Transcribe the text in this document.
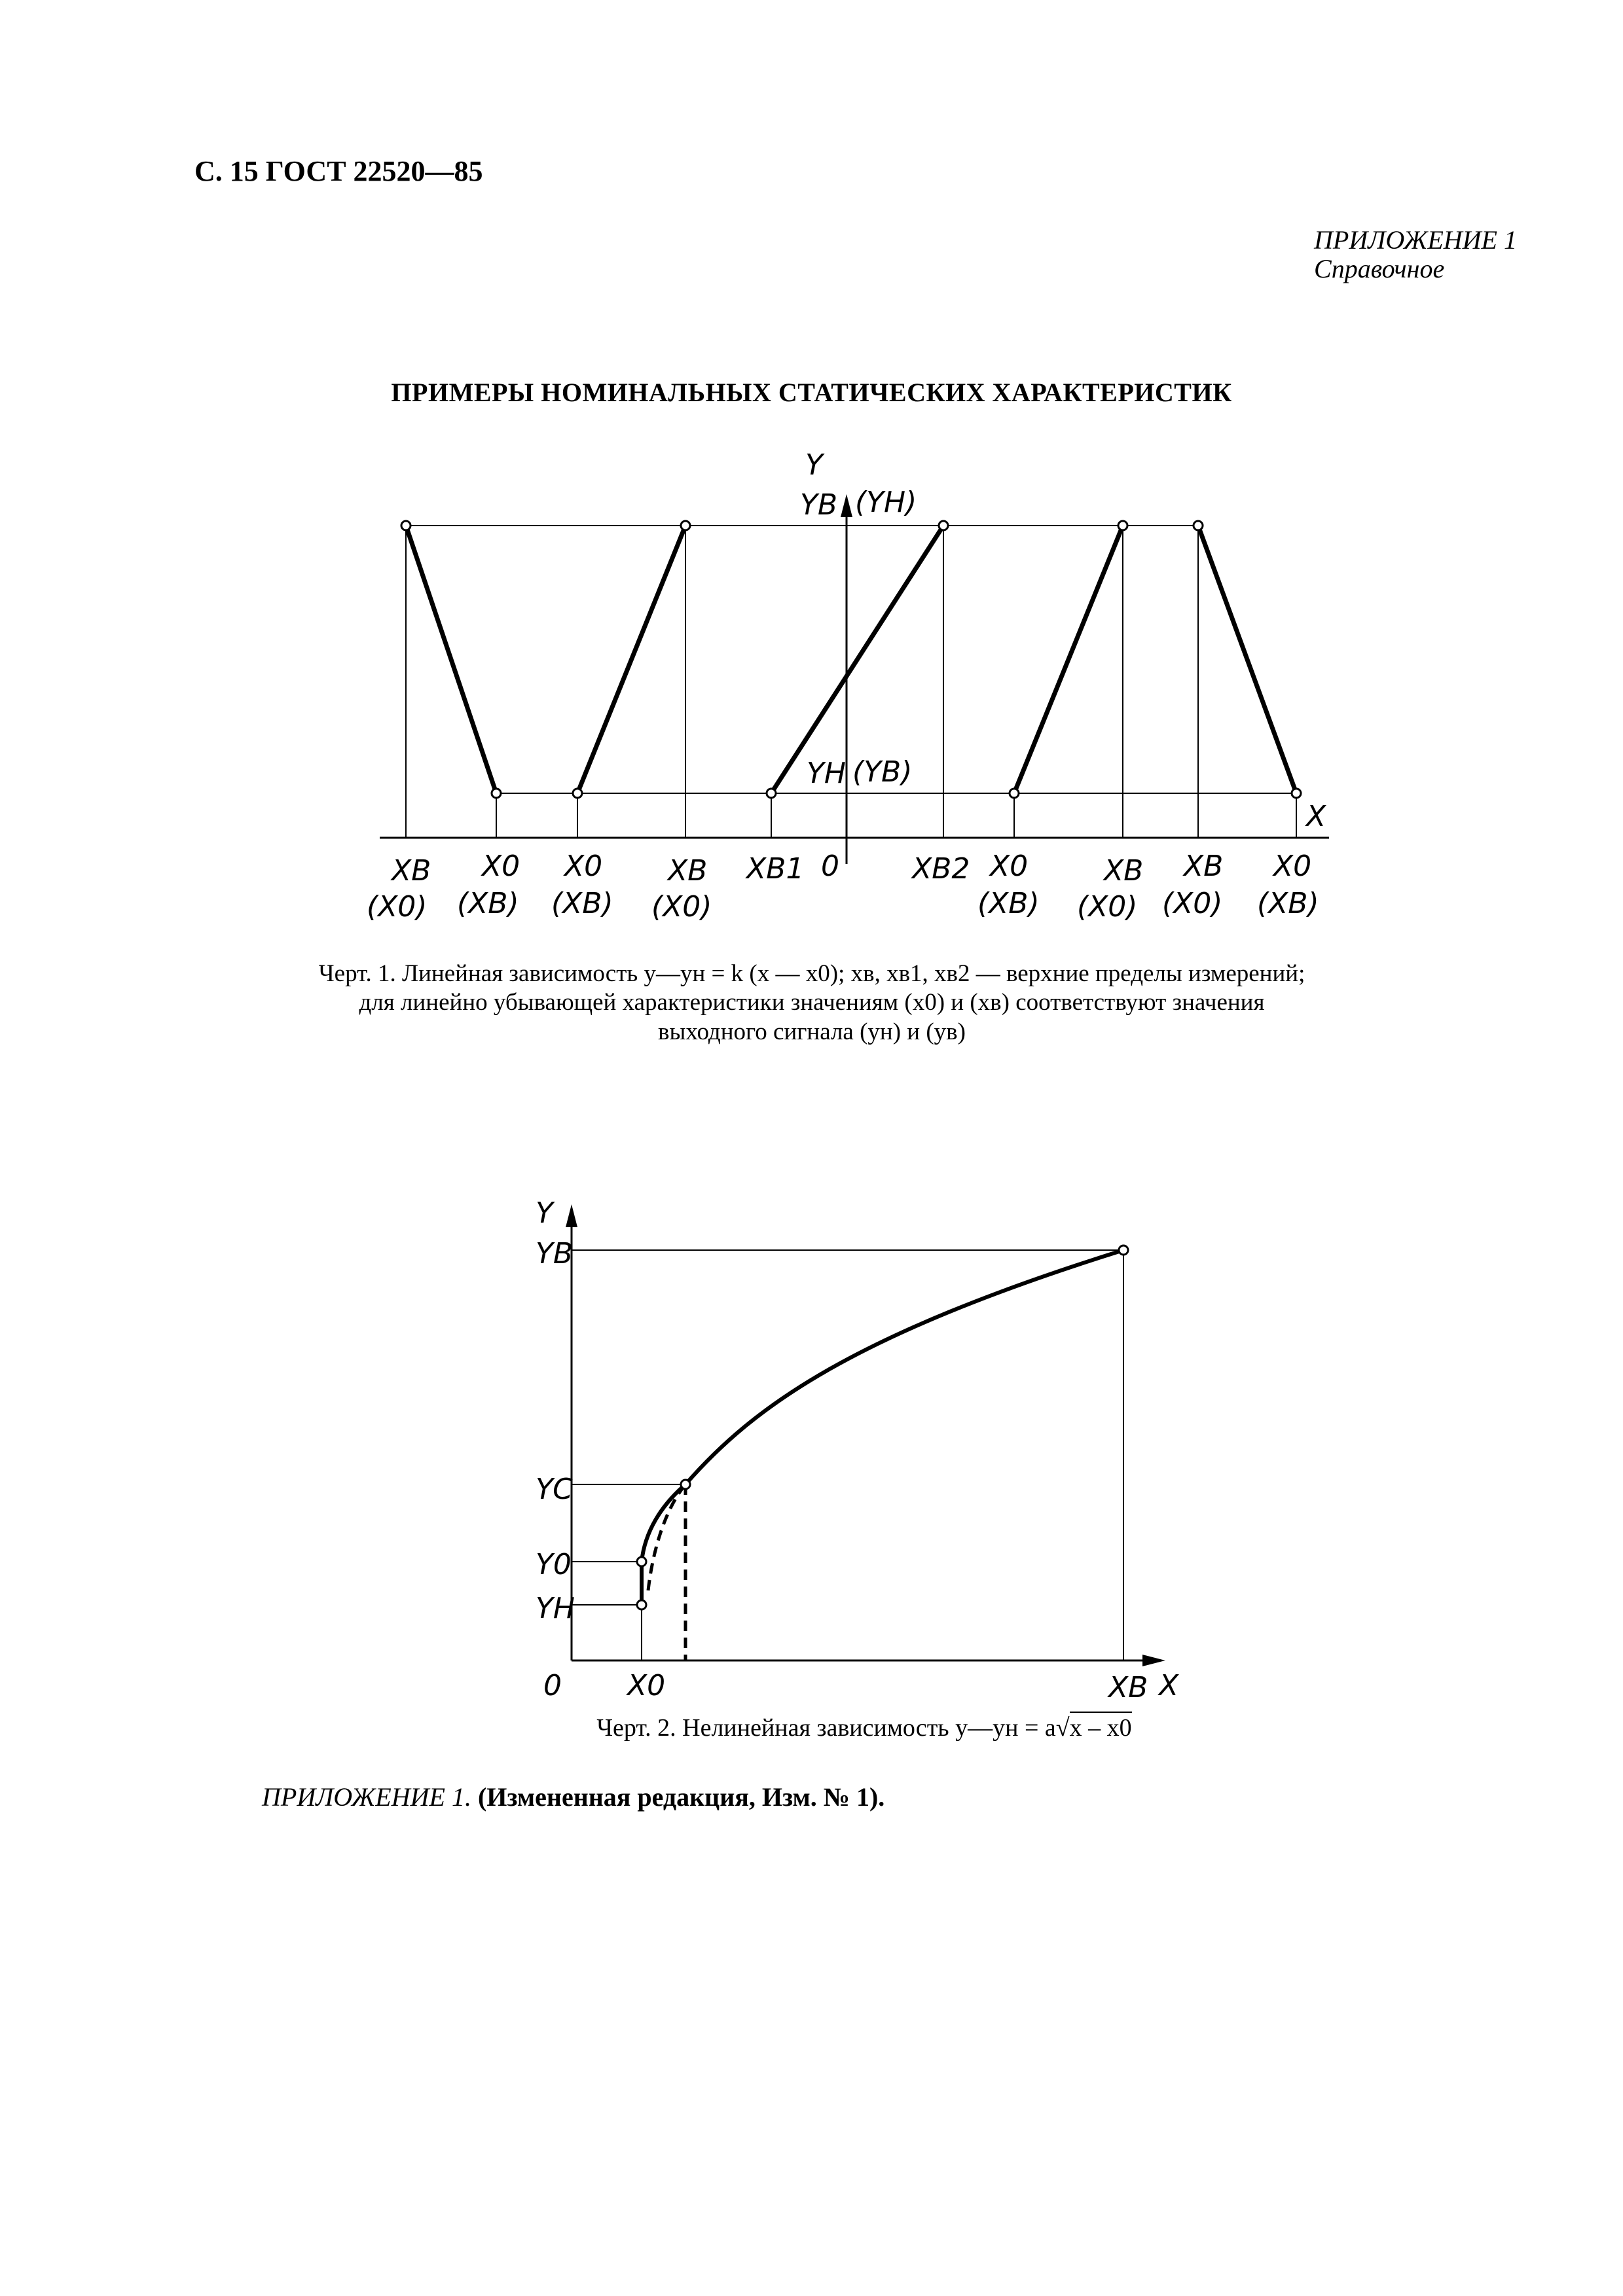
С. 15 ГОСТ 22520—85
ПРИЛОЖЕНИЕ 1
Справочное
ПРИМЕРЫ НОМИНАЛЬНЫХ СТАТИЧЕСКИХ ХАРАКТЕРИСТИК
Y
X
YB (YH)
YH (YB)
XB
(X0)
X0
(XB)
X0
(XB)
XB
(X0)
XB1 0	XB2 X0
(XB)
XB
(X0)
XB
(X0)
X0
(XB)
Черт. 1. Линейная зависимость y—yн = k (x — x0); xв, xв1, xв2 — верхние пределы измерений;
для линейно убывающей характеристики значениям (x0) и (xв) соответствуют значения
выходного сигнала (yн) и (yв)
Y
YB
YC
Y0
YH
0 X0	XB X
Черт. 2. Нелинейная зависимость y—yн = a√x – x0
ПРИЛОЖЕНИЕ 1. (Измененная редакция, Изм. № 1).
